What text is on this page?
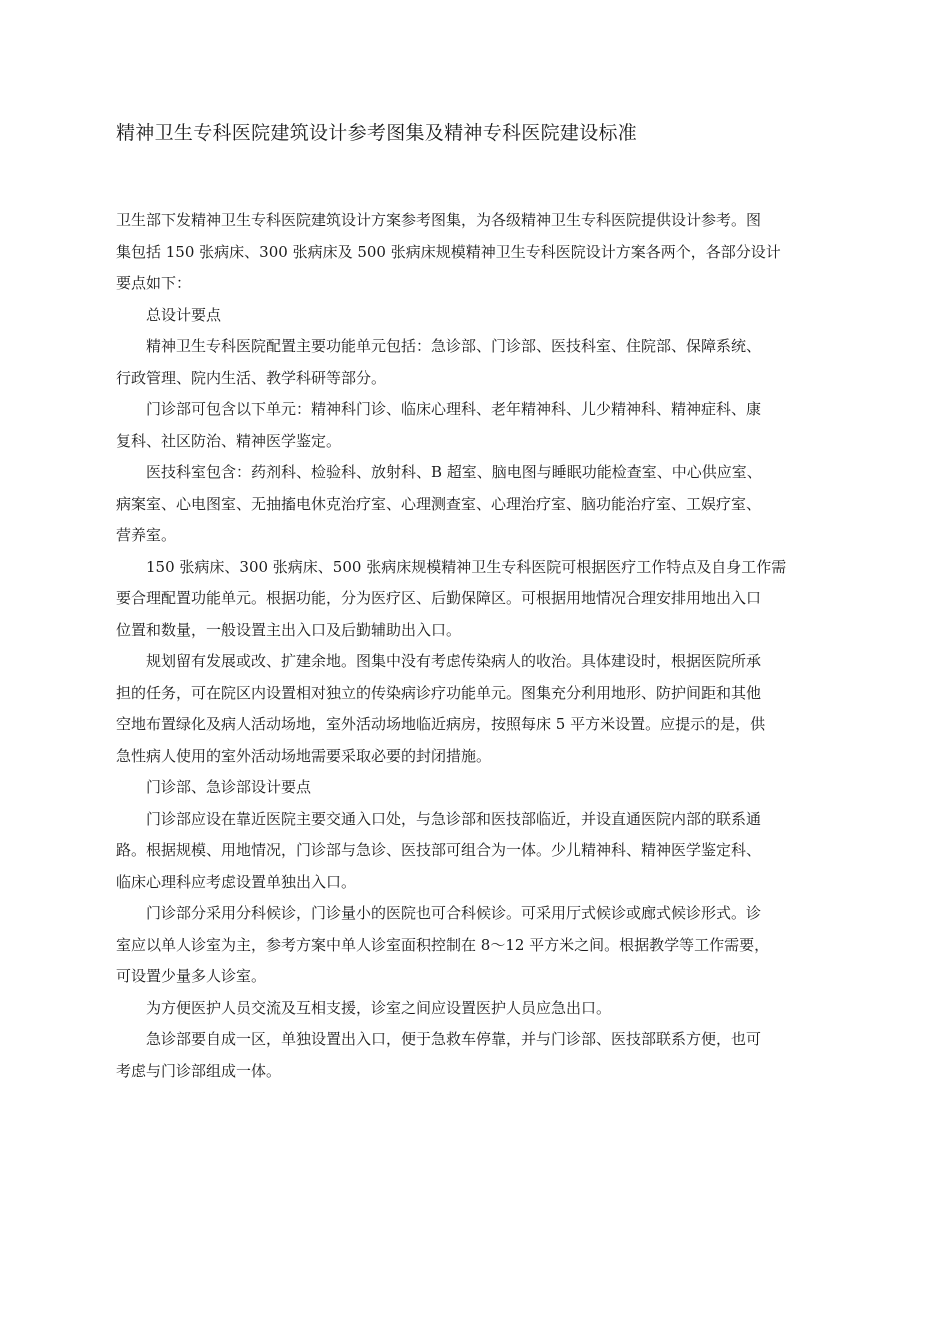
精神卫生专科医院建筑设计参考图集及精神专科医院建设标准
卫生部下发精神卫生专科医院建筑设计方案参考图集，为各级精神卫生专科医院提供设计参考。图
集包括 150 张病床、300 张病床及 500 张病床规模精神卫生专科医院设计方案各两个，各部分设计
要点如下：
总设计要点
精神卫生专科医院配置主要功能单元包括：急诊部、门诊部、医技科室、住院部、保障系统、
行政管理、院内生活、教学科研等部分。
门诊部可包含以下单元：精神科门诊、临床心理科、老年精神科、儿少精神科、精神症科、康
复科、社区防治、精神医学鉴定。
医技科室包含：药剂科、检验科、放射科、B 超室、脑电图与睡眠功能检查室、中心供应室、
病案室、心电图室、无抽搐电休克治疗室、心理测查室、心理治疗室、脑功能治疗室、工娱疗室、
营养室。
150 张病床、300 张病床、500 张病床规模精神卫生专科医院可根据医疗工作特点及自身工作需
要合理配置功能单元。根据功能，分为医疗区、后勤保障区。可根据用地情况合理安排用地出入口
位置和数量，一般设置主出入口及后勤辅助出入口。
规划留有发展或改、扩建余地。图集中没有考虑传染病人的收治。具体建设时，根据医院所承
担的任务，可在院区内设置相对独立的传染病诊疗功能单元。图集充分利用地形、防护间距和其他
空地布置绿化及病人活动场地，室外活动场地临近病房，按照每床 5 平方米设置。应提示的是，供
急性病人使用的室外活动场地需要采取必要的封闭措施。
门诊部、急诊部设计要点
门诊部应设在靠近医院主要交通入口处，与急诊部和医技部临近，并设直通医院内部的联系通
路。根据规模、用地情况，门诊部与急诊、医技部可组合为一体。少儿精神科、精神医学鉴定科、
临床心理科应考虑设置单独出入口。
门诊部分采用分科候诊，门诊量小的医院也可合科候诊。可采用厅式候诊或廊式候诊形式。诊
室应以单人诊室为主，参考方案中单人诊室面积控制在 8～12 平方米之间。根据教学等工作需要，
可设置少量多人诊室。
为方便医护人员交流及互相支援，诊室之间应设置医护人员应急出口。
急诊部要自成一区，单独设置出入口，便于急救车停靠，并与门诊部、医技部联系方便，也可
考虑与门诊部组成一体。
